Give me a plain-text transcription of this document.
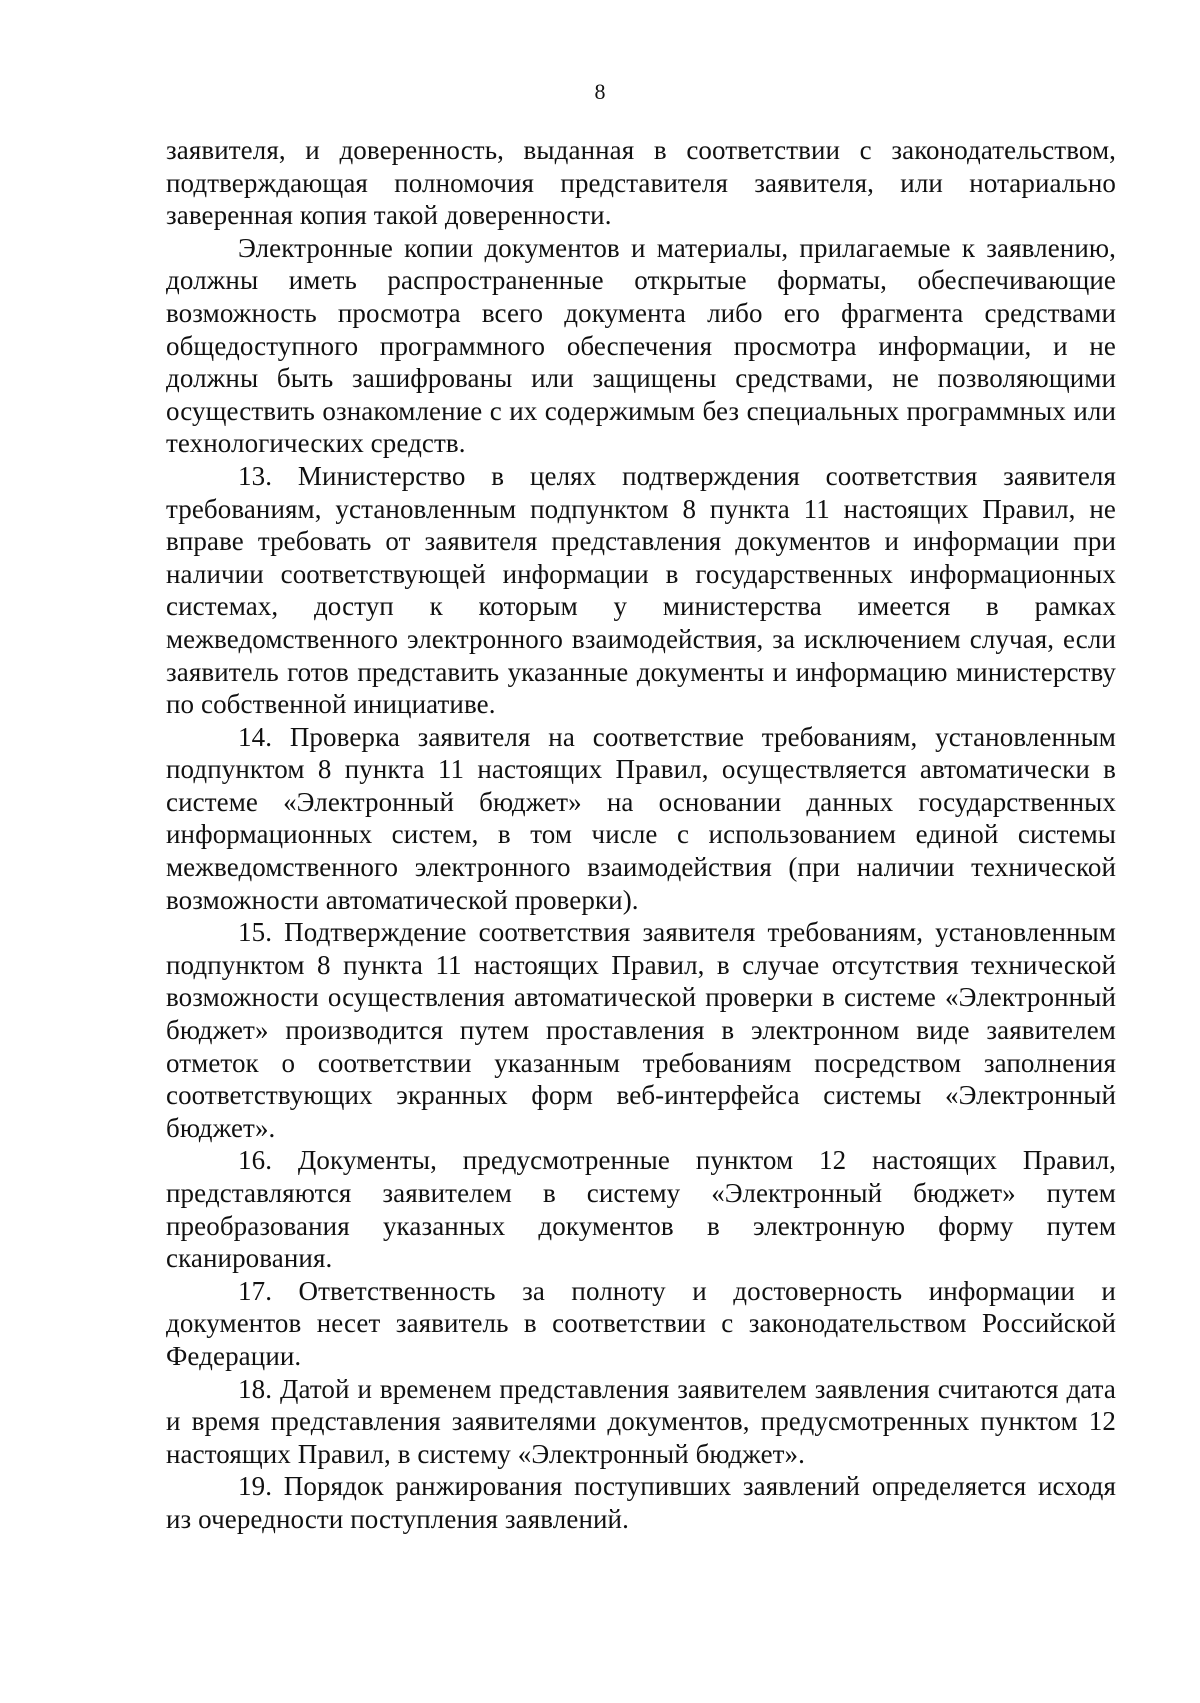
8

заявителя, и доверенность, выданная в соответствии с законодательством, подтверждающая полномочия представителя заявителя, или нотариально заверенная копия такой доверенности.

Электронные копии документов и материалы, прилагаемые к заявлению, должны иметь распространенные открытые форматы, обеспечивающие возможность просмотра всего документа либо его фрагмента средствами общедоступного программного обеспечения просмотра информации, и не должны быть зашифрованы или защищены средствами, не позволяющими осуществить ознакомление с их содержимым без специальных программных или технологических средств.

13. Министерство в целях подтверждения соответствия заявителя требованиям, установленным подпунктом 8 пункта 11 настоящих Правил, не вправе требовать от заявителя представления документов и информации при наличии соответствующей информации в государственных информационных системах, доступ к которым у министерства имеется в рамках межведомственного электронного взаимодействия, за исключением случая, если заявитель готов представить указанные документы и информацию министерству по собственной инициативе.

14. Проверка заявителя на соответствие требованиям, установленным подпунктом 8 пункта 11 настоящих Правил, осуществляется автоматически в системе «Электронный бюджет» на основании данных государственных информационных систем, в том числе с использованием единой системы межведомственного электронного взаимодействия (при наличии технической возможности автоматической проверки).

15. Подтверждение соответствия заявителя требованиям, установленным подпунктом 8 пункта 11 настоящих Правил, в случае отсутствия технической возможности осуществления автоматической проверки в системе «Электронный бюджет» производится путем проставления в электронном виде заявителем отметок о соответствии указанным требованиям посредством заполнения соответствующих экранных форм веб-интерфейса системы «Электронный бюджет».

16. Документы, предусмотренные пунктом 12 настоящих Правил, представляются заявителем в систему «Электронный бюджет» путем преобразования указанных документов в электронную форму путем сканирования.

17. Ответственность за полноту и достоверность информации и документов несет заявитель в соответствии с законодательством Российской Федерации.

18. Датой и временем представления заявителем заявления считаются дата и время представления заявителями документов, предусмотренных пунктом 12 настоящих Правил, в систему «Электронный бюджет».

19. Порядок ранжирования поступивших заявлений определяется исходя из очередности поступления заявлений.
